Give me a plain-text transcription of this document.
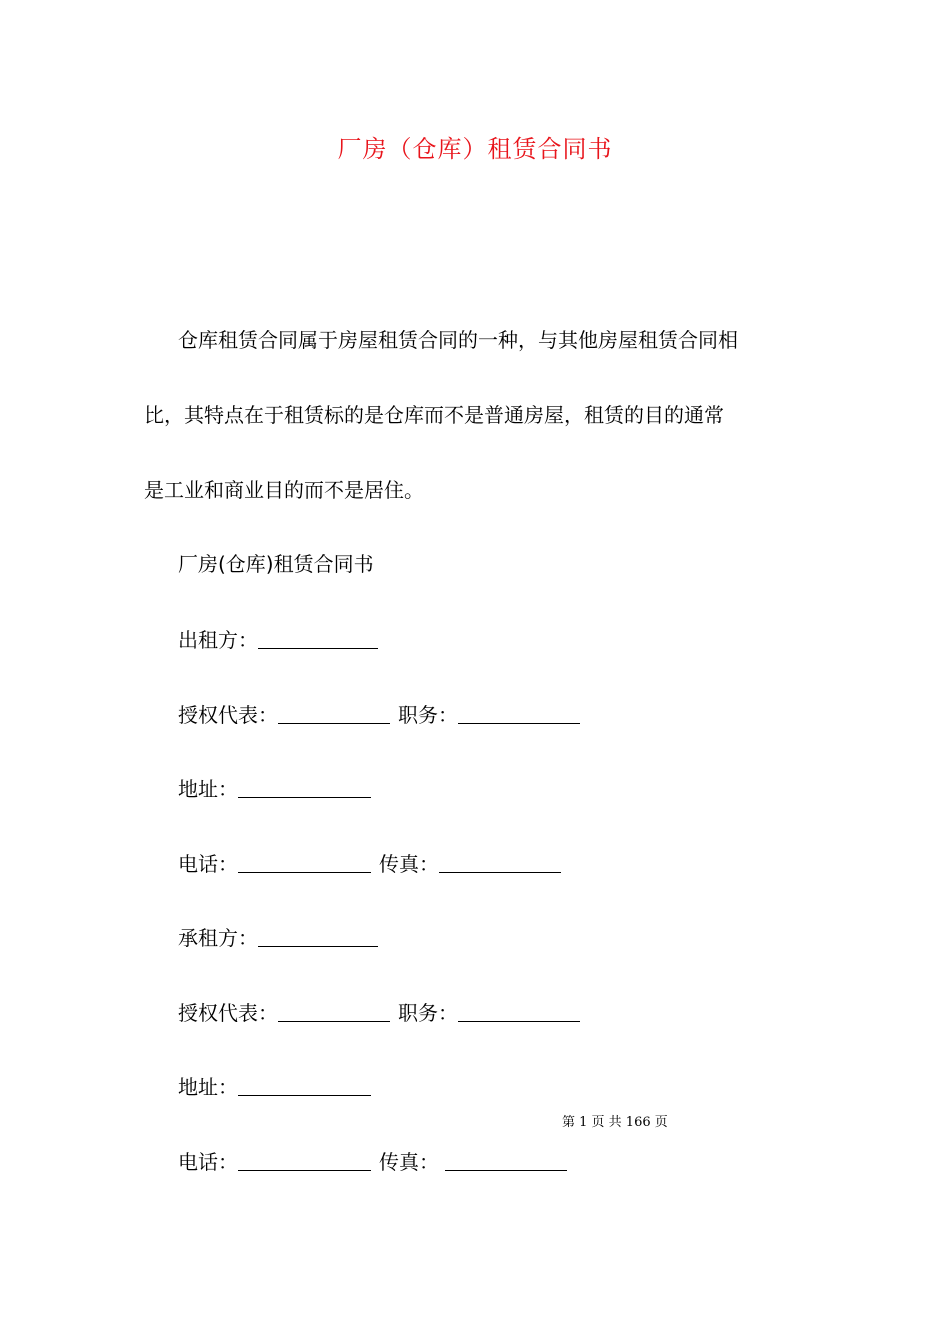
厂房（仓库）租赁合同书
仓库租赁合同属于房屋租赁合同的一种，与其他房屋租赁合同相
比，其特点在于租赁标的是仓库而不是普通房屋，租赁的目的通常
是工业和商业目的而不是居住。
厂房(仓库)租赁合同书
出租方：
授权代表：	职务：
地址：
电话：	传真：
承租方：
授权代表：	职务：
地址：
第 1 页 共 166 页
电话：	传真：
